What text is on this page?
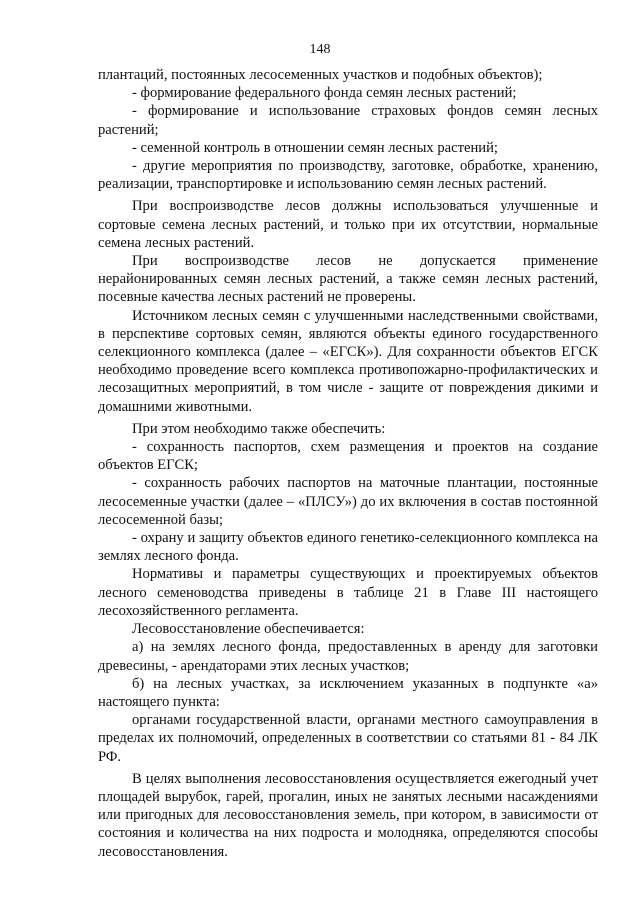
148

плантаций, постоянных лесосеменных участков и подобных объектов);

- формирование федерального фонда семян лесных растений;

- формирование и использование страховых фондов семян лесных растений;

- семенной контроль в отношении семян лесных растений;

- другие мероприятия по производству, заготовке, обработке, хранению, реализации, транспортировке и использованию семян лесных растений.

При воспроизводстве лесов должны использоваться улучшенные и сортовые семена лесных растений, и только при их отсутствии, нормальные семена лесных растений.

При воспроизводстве лесов не допускается применение нерайонированных семян лесных растений, а также семян лесных растений, посевные качества лесных растений не проверены.

Источником лесных семян с улучшенными наследственными свойствами, в перспективе сортовых семян, являются объекты единого государственного селекционного комплекса (далее – «ЕГСК»). Для сохранности объектов ЕГСК необходимо проведение всего комплекса противопожарно-профилактических и лесозащитных мероприятий, в том числе - защите от повреждения дикими и домашними животными.

При этом необходимо также обеспечить:

- сохранность паспортов, схем размещения и проектов на создание объектов ЕГСК;

- сохранность рабочих паспортов на маточные плантации, постоянные лесосеменные участки (далее – «ПЛСУ») до их включения в состав постоянной лесосеменной базы;

- охрану и защиту объектов единого генетико-селекционного комплекса на землях лесного фонда.

Нормативы и параметры существующих и проектируемых объектов лесного семеноводства приведены в таблице 21 в Главе III настоящего лесохозяйственного регламента.

Лесовосстановление обеспечивается:

а) на землях лесного фонда, предоставленных в аренду для заготовки древесины, - арендаторами этих лесных участков;

б) на лесных участках, за исключением указанных в подпункте «а» настоящего пункта:

органами государственной власти, органами местного самоуправления в пределах их полномочий, определенных в соответствии со статьями 81 - 84 ЛК РФ.

В целях выполнения лесовосстановления осуществляется ежегодный учет площадей вырубок, гарей, прогалин, иных не занятых лесными насаждениями или пригодных для лесовосстановления земель, при котором, в зависимости от состояния и количества на них подроста и молодняка, определяются способы лесовосстановления.
